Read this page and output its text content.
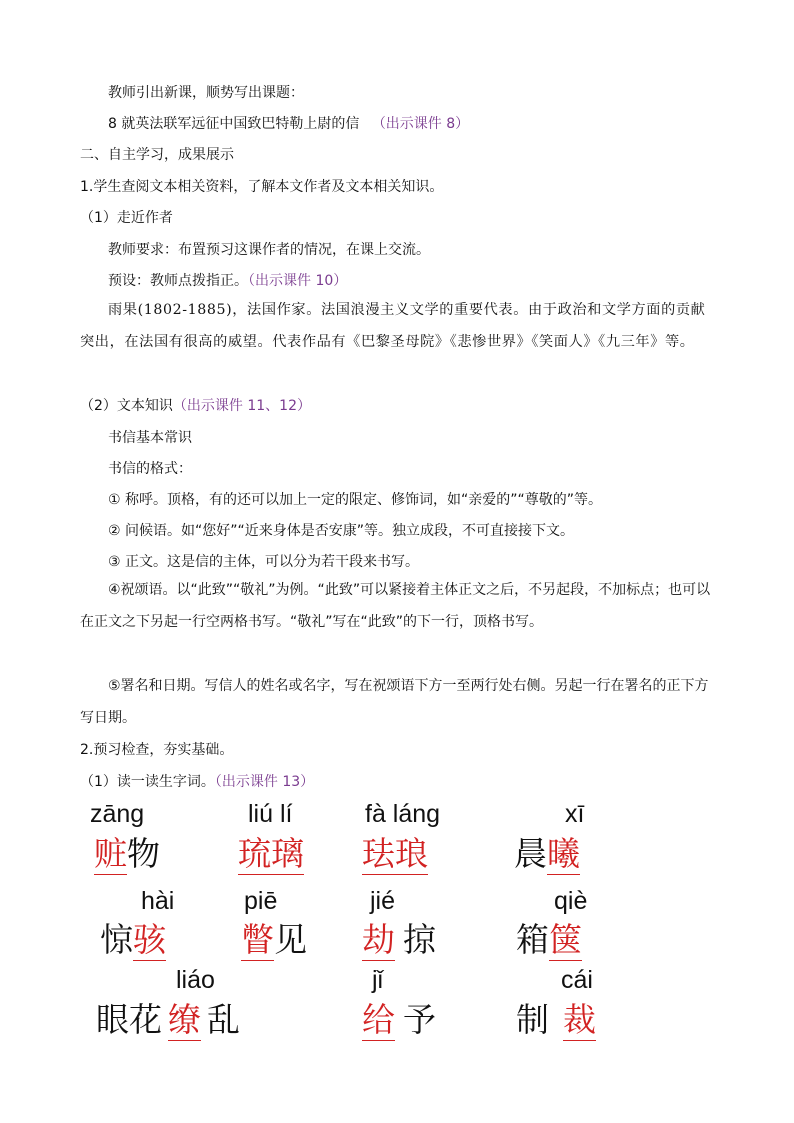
教师引出新课，顺势写出课题：
8 就英法联军远征中国致巴特勒上尉的信 （出示课件 8）
二、自主学习，成果展示
1.学生查阅文本相关资料，了解本文作者及文本相关知识。
（1）走近作者
教师要求：布置预习这课作者的情况，在课上交流。
预设：教师点拨指正。（出示课件 10）
雨果(1802-1885)，法国作家。法国浪漫主义文学的重要代表。由于政治和文学方面的贡献突出，在法国有很高的威望。代表作品有《巴黎圣母院》《悲惨世界》《笑面人》《九三年》等。
（2）文本知识（出示课件 11、12）
书信基本常识
书信的格式：
① 称呼。顶格，有的还可以加上一定的限定、修饰词，如“亲爱的”“尊敬的”等。
② 问候语。如“您好”“近来身体是否安康”等。独立成段，不可直接接下文。
③ 正文。这是信的主体，可以分为若干段来书写。
④祝颂语。以“此致”“敬礼”为例。“此致”可以紧接着主体正文之后，不另起段，不加标点；也可以在正文之下另起一行空两格书写。“敬礼”写在“此致”的下一行，顶格书写。
⑤署名和日期。写信人的姓名或名字，写在祝颂语下方一至两行处右侧。另起一行在署名的正下方写日期。
2.预习检查，夯实基础。
（1）读一读生字词。（出示课件 13）
zāng
赃物
liú lí
琉璃
fà láng
珐琅
xī
晨曦
hài
惊骇
piē
瞥见
jié
劫 掠
qiè
箱箧
liáo
眼花 缭 乱
jǐ
给 予
cái
制 裁
